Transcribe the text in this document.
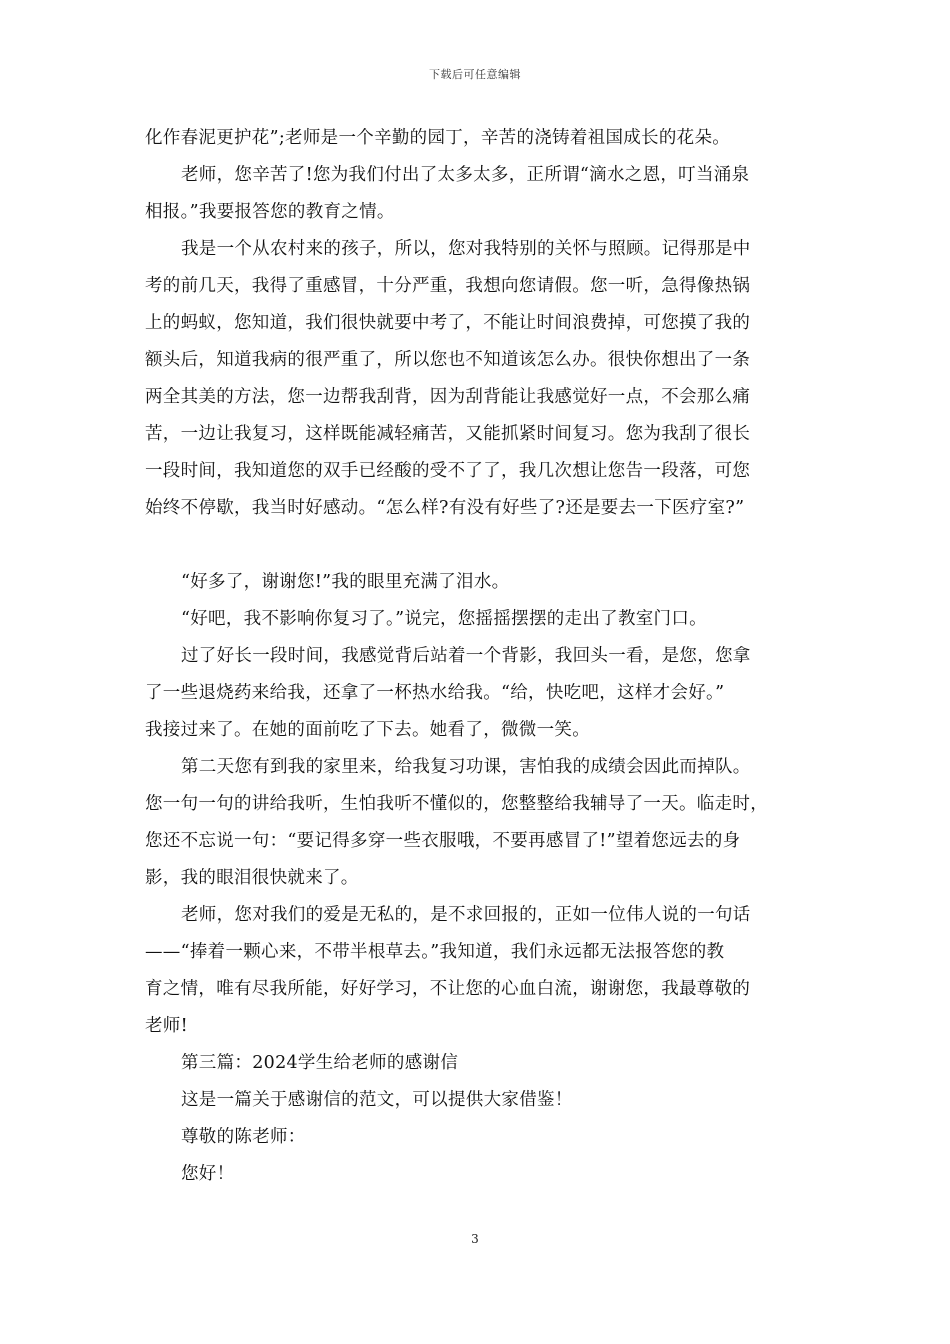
下载后可任意编辑
化作春泥更护花”;老师是一个辛勤的园丁，辛苦的浇铸着祖国成长的花朵。
老师，您辛苦了!您为我们付出了太多太多，正所谓“滴水之恩，叮当涌泉
相报。”我要报答您的教育之情。
我是一个从农村来的孩子，所以，您对我特别的关怀与照顾。记得那是中
考的前几天，我得了重感冒，十分严重，我想向您请假。您一听，急得像热锅
上的蚂蚁，您知道，我们很快就要中考了，不能让时间浪费掉，可您摸了我的
额头后，知道我病的很严重了，所以您也不知道该怎么办。很快你想出了一条
两全其美的方法，您一边帮我刮背，因为刮背能让我感觉好一点，不会那么痛
苦，一边让我复习，这样既能减轻痛苦，又能抓紧时间复习。您为我刮了很长
一段时间，我知道您的双手已经酸的受不了了，我几次想让您告一段落，可您
始终不停歇，我当时好感动。“怎么样?有没有好些了?还是要去一下医疗室?”
“好多了，谢谢您!”我的眼里充满了泪水。
“好吧，我不影响你复习了。”说完，您摇摇摆摆的走出了教室门口。
过了好长一段时间，我感觉背后站着一个背影，我回头一看，是您，您拿
了一些退烧药来给我，还拿了一杯热水给我。“给，快吃吧，这样才会好。”
我接过来了。在她的面前吃了下去。她看了，微微一笑。
第二天您有到我的家里来，给我复习功课，害怕我的成绩会因此而掉队。
您一句一句的讲给我听，生怕我听不懂似的，您整整给我辅导了一天。临走时，
您还不忘说一句：“要记得多穿一些衣服哦，不要再感冒了!”望着您远去的身
影，我的眼泪很快就来了。
老师，您对我们的爱是无私的，是不求回报的，正如一位伟人说的一句话
——“捧着一颗心来，不带半根草去。”我知道，我们永远都无法报答您的教
育之情，唯有尽我所能，好好学习，不让您的心血白流，谢谢您，我最尊敬的
老师!
第三篇：2024学生给老师的感谢信
这是一篇关于感谢信的范文，可以提供大家借鉴！
尊敬的陈老师：
您好！
3
